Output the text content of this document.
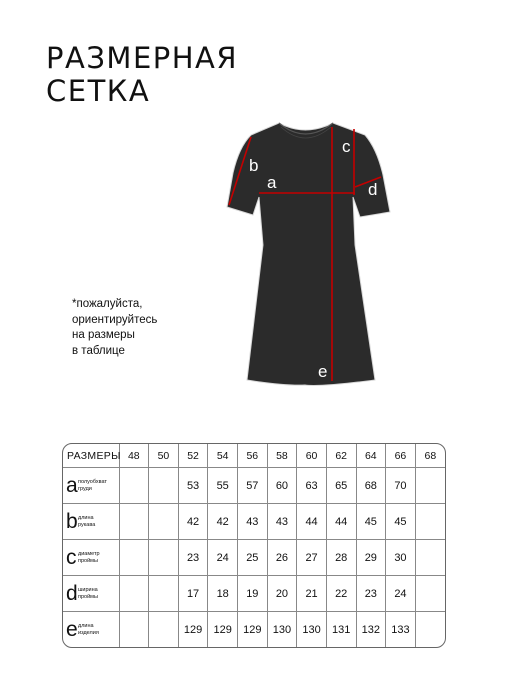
РАЗМЕРНАЯ
СЕТКА
*пожалуйста,
ориентируйтесь
на размеры
в таблице
b
a
c
d
e
РАЗМЕРЫ	48	50	52	54	56	58	60	62	64	66	68
a полуобхват
груди			53	55	57	60	63	65	68	70	
b длина
рукава			42	42	43	43	44	44	45	45	
c диаметр
проймы			23	24	25	26	27	28	29	30	
d ширина
проймы			17	18	19	20	21	22	23	24	
e длина
изделия			129	129	129	130	130	131	132	133	
